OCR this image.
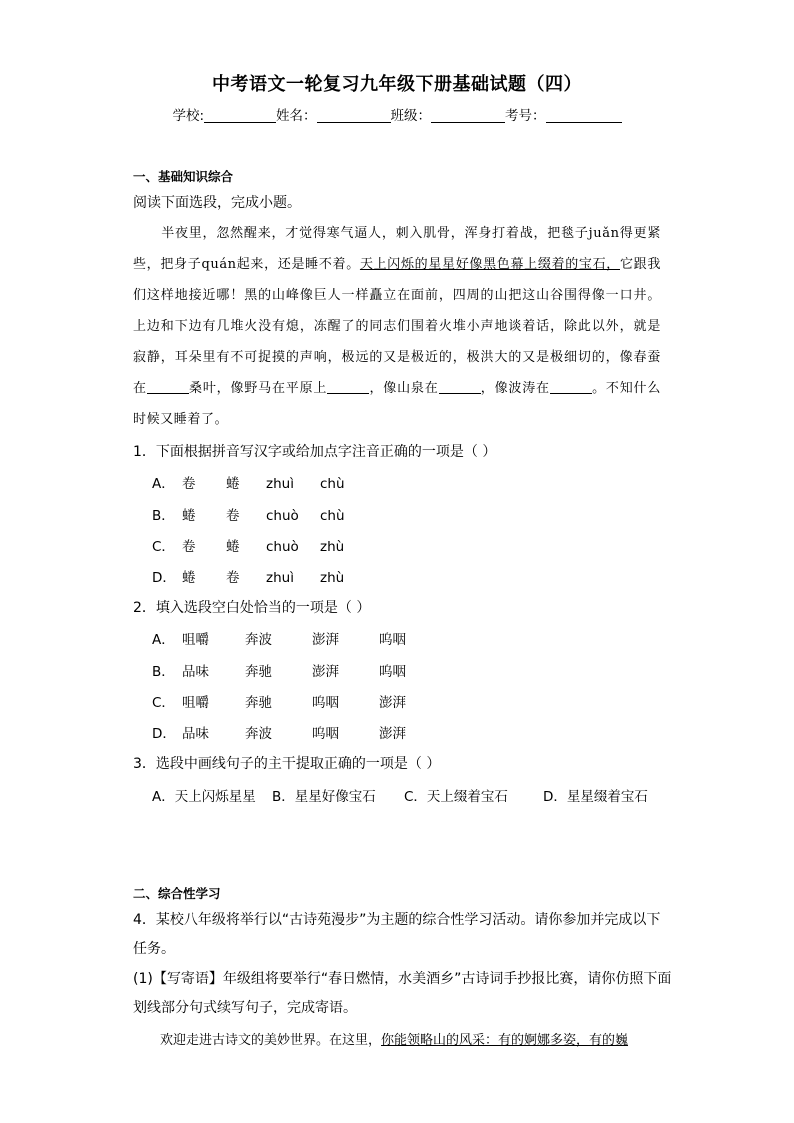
中考语文一轮复习九年级下册基础试题（四）
学校:	姓名：	班级：	考号：
一、基础知识综合
阅读下面选段，完成小题。
半夜里，忽然醒来，才觉得寒气逼人，刺入肌骨，浑身打着战，把毯子juǎn得更紧些，把身子quán起来，还是睡不着。天上闪烁的星星好像黑色幕上缀着的宝石，它跟我们这样地接近哪！黑的山峰像巨人一样矗立在面前，四周的山把这山谷围得像一口井。上边和下边有几堆火没有熄，冻醒了的同志们围着火堆小声地谈着话，除此以外，就是寂静，耳朵里有不可捉摸的声响，极远的又是极近的，极洪大的又是极细切的，像春蚕在	桑叶，像野马在平原上	，像山泉在	，像波涛在	。不知什么时候又睡着了。
1．下面根据拼音写汉字或给加点字注音正确的一项是（ ）
A． 卷 蜷 zhuì chù
B． 蜷 卷 chuò chù
C． 卷 蜷 chuò zhù
D． 蜷 卷 zhuì zhù
2．填入选段空白处恰当的一项是（ ）
A． 咀嚼	奔波	澎湃	呜咽
B． 品味	奔驰	澎湃	呜咽
C． 咀嚼	奔驰	呜咽	澎湃
D． 品味	奔波	呜咽	澎湃
3．选段中画线句子的主干提取正确的一项是（ ）
A．天上闪烁星星 B．星星好像宝石 C．天上缀着宝石	D．星星缀着宝石
二、综合性学习
4．某校八年级将举行以“古诗苑漫步”为主题的综合性学习活动。请你参加并完成以下
任务。
(1)【写寄语】年级组将要举行“春日燃情，水美酒乡”古诗词手抄报比赛，请你仿照下面
划线部分句式续写句子，完成寄语。
欢迎走进古诗文的美妙世界。在这里，你能领略山的风采：有的婀娜多姿，有的巍
